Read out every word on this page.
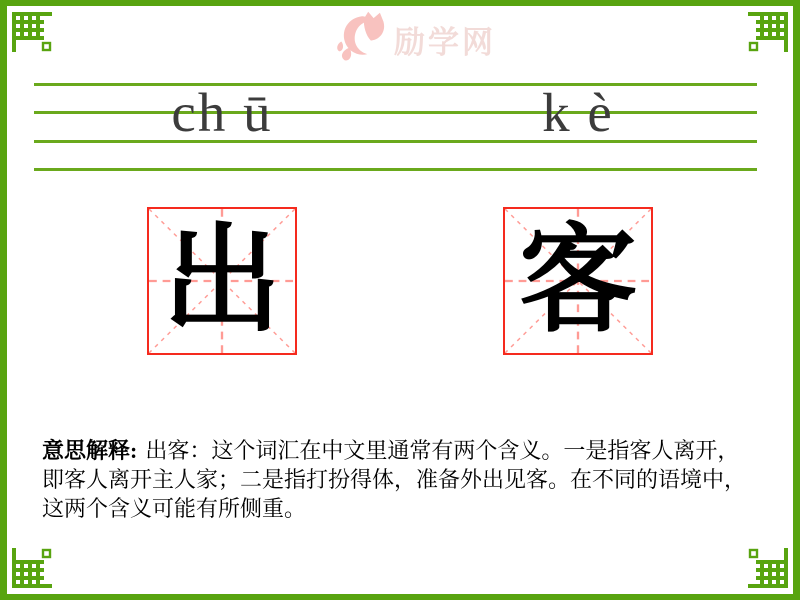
励学网
ch ū	k è
出 客

意思解释: 出客：这个词汇在中文里通常有两个含义。一是指客人离开，即客人离开主人家；二是指打扮得体，准备外出见客。在不同的语境中，这两个含义可能有所侧重。
